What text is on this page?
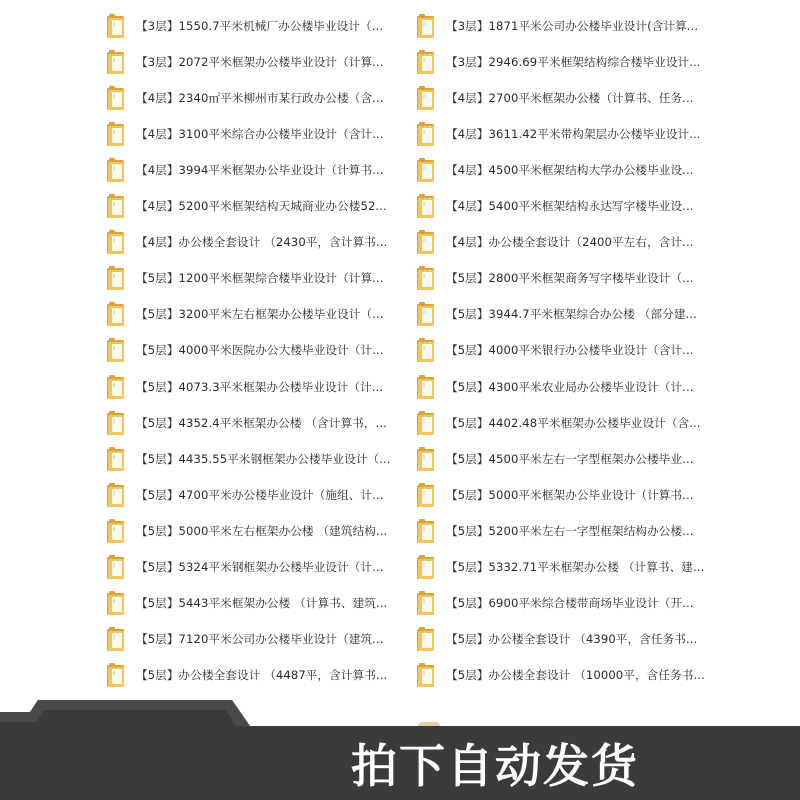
【3层】1550.7平米机械厂办公楼毕业设计（...	【3层】1871平米公司办公楼毕业设计(含计算...
【3层】2072平米框架办公楼毕业设计（计算...	【3层】2946.69平米框架结构综合楼毕业设计...
【4层】2340㎡平米柳州市某行政办公楼（含...	【4层】2700平米框架办公楼（计算书、任务...
【4层】3100平米综合办公楼毕业设计（含计...	【4层】3611.42平米带构架层办公楼毕业设计...
【4层】3994平米框架办公毕业设计（计算书...	【4层】4500平米框架结构大学办公楼毕业设...
【4层】5200平米框架结构天城商业办公楼52...	【4层】5400平米框架结构永达写字楼毕业设...
【4层】办公楼全套设计 （2430平，含计算书...	【4层】办公楼全套设计（2400平左右，含计...
【5层】1200平米框架综合楼毕业设计（计算...	【5层】2800平米框架商务写字楼毕业设计（...
【5层】3200平米左右框架办公楼毕业设计（...	【5层】3944.7平米框架综合办公楼 （部分建...
【5层】4000平米医院办公大楼毕业设计（计...	【5层】4000平米银行办公楼毕业设计（含计...
【5层】4073.3平米框架办公楼毕业设计（计...	【5层】4300平米农业局办公楼毕业设计（计...
【5层】4352.4平米框架办公楼 （含计算书，...	【5层】4402.48平米框架办公楼毕业设计（含...
【5层】4435.55平米钢框架办公楼毕业设计（...	【5层】4500平米左右一字型框架办公楼毕业...
【5层】4700平米办公楼毕业设计（施组、计...	【5层】5000平米框架办公毕业设计（计算书...
【5层】5000平米左右框架办公楼 （建筑结构...	【5层】5200平米左右一字型框架结构办公楼...
【5层】5324平米钢框架办公楼毕业设计（计...	【5层】5332.71平米框架办公楼 （计算书、建...
【5层】5443平米框架办公楼 （计算书、建筑...	【5层】6900平米综合楼带商场毕业设计（开...
【5层】7120平米公司办公楼毕业设计（建筑...	【5层】办公楼全套设计 （4390平，含任务书...
【5层】办公楼全套设计 （4487平，含计算书...	【5层】办公楼全套设计 （10000平，含任务书...
拍下自动发货
